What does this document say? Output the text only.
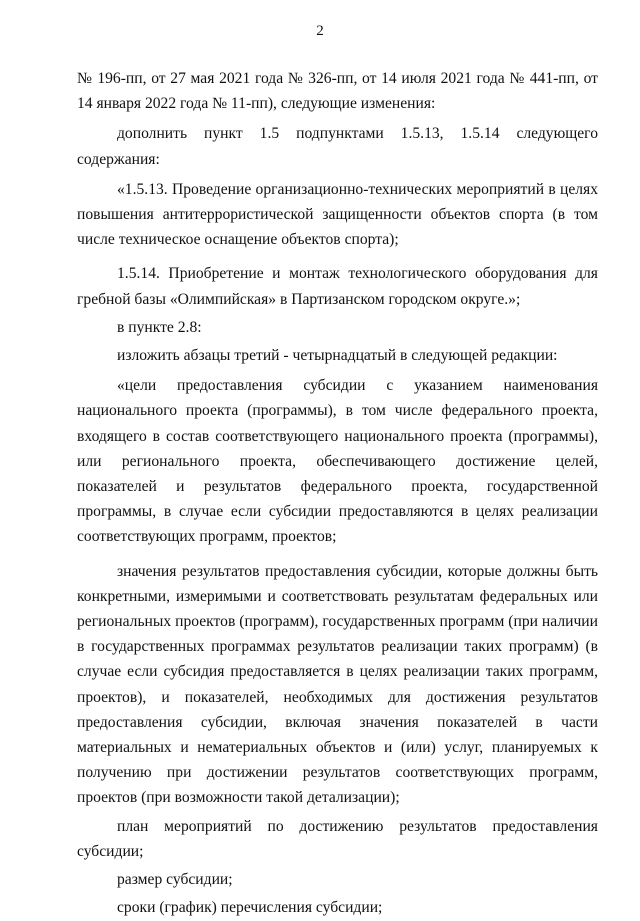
2

№ 196-пп, от 27 мая 2021 года № 326-пп, от 14 июля 2021 года № 441-пп, от 14 января 2022 года № 11-пп), следующие изменения:

дополнить пункт 1.5 подпунктами 1.5.13, 1.5.14 следующего содержания:

«1.5.13. Проведение организационно-технических мероприятий в целях повышения антитеррористической защищенности объектов спорта (в том числе техническое оснащение объектов спорта);

1.5.14. Приобретение и монтаж технологического оборудования для гребной базы «Олимпийская» в Партизанском городском округе.»;

в пункте 2.8:

изложить абзацы третий - четырнадцатый в следующей редакции:

«цели предоставления субсидии с указанием наименования национального проекта (программы), в том числе федерального проекта, входящего в состав соответствующего национального проекта (программы), или регионального проекта, обеспечивающего достижение целей, показателей и результатов федерального проекта, государственной программы, в случае если субсидии предоставляются в целях реализации соответствующих программ, проектов;

значения результатов предоставления субсидии, которые должны быть конкретными, измеримыми и соответствовать результатам федеральных или региональных проектов (программ), государственных программ (при наличии в государственных программах результатов реализации таких программ) (в случае если субсидия предоставляется в целях реализации таких программ, проектов), и показателей, необходимых для достижения результатов предоставления субсидии, включая значения показателей в части материальных и нематериальных объектов и (или) услуг, планируемых к получению при достижении результатов соответствующих программ, проектов (при возможности такой детализации);

план мероприятий по достижению результатов предоставления субсидии;

размер субсидии;

сроки (график) перечисления субсидии;
